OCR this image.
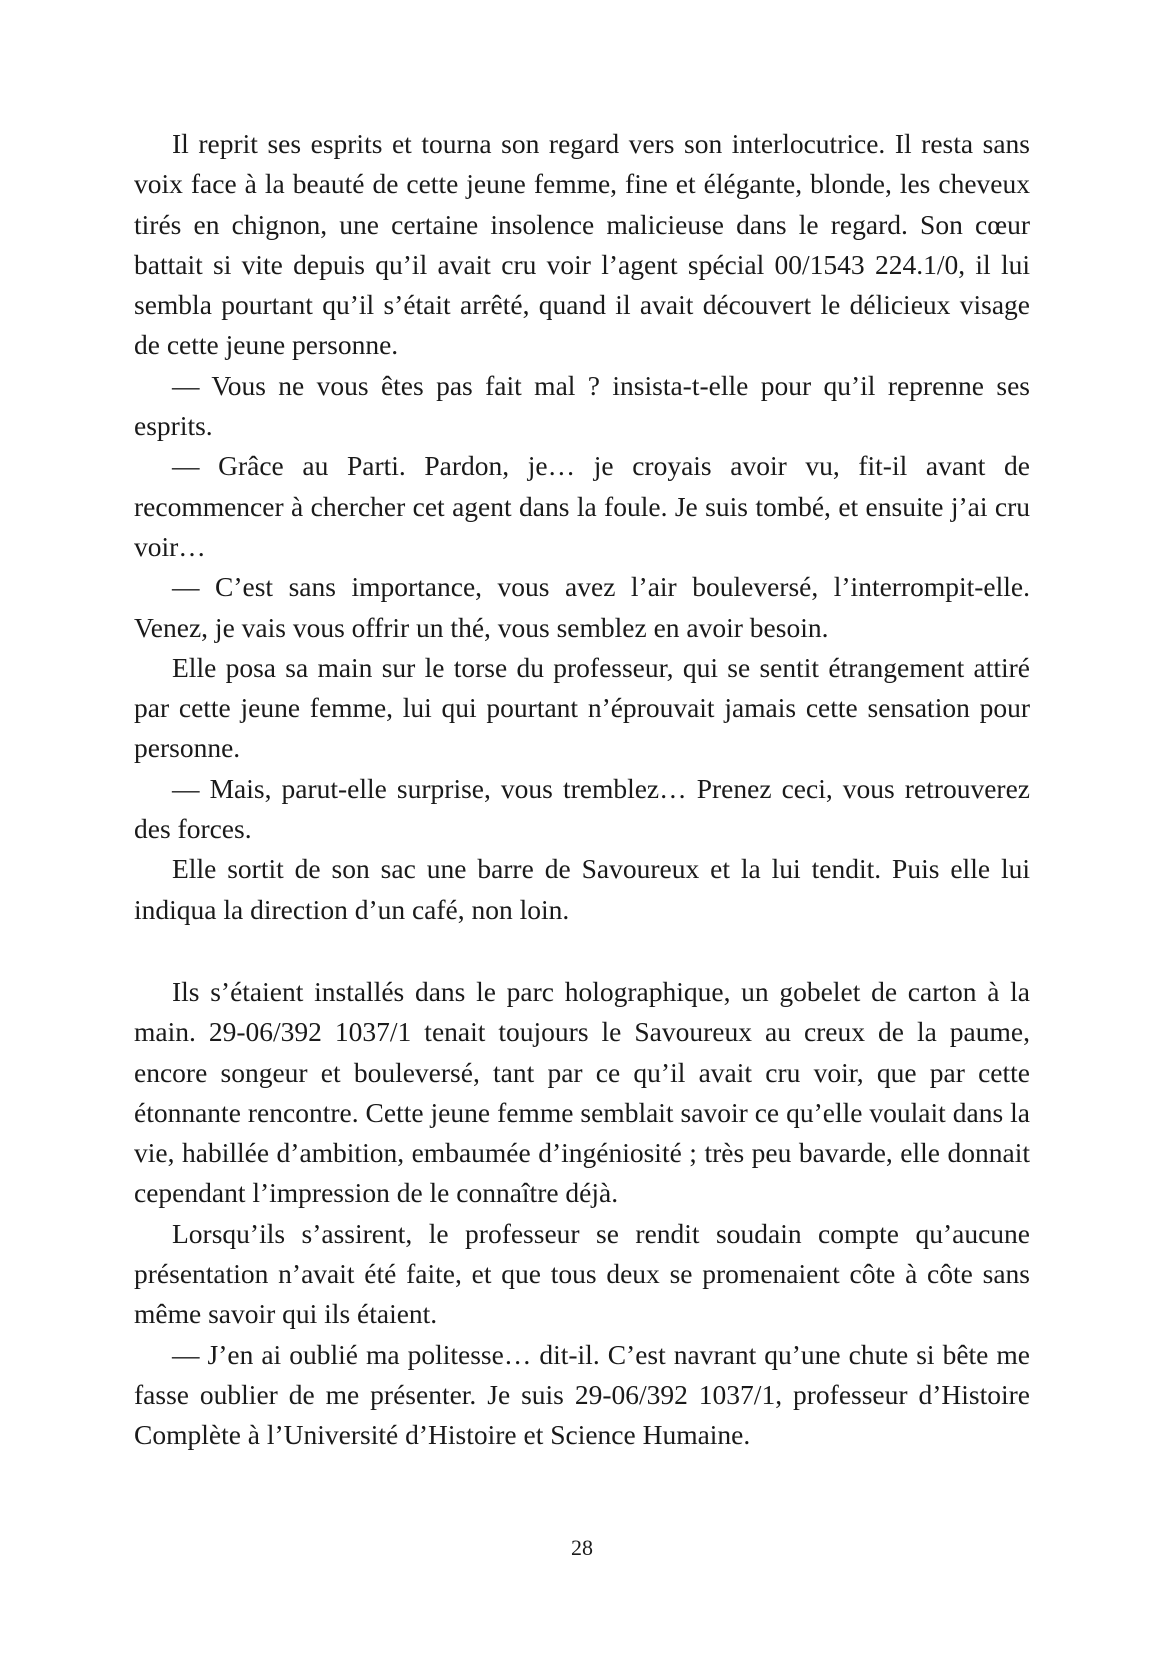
Il reprit ses esprits et tourna son regard vers son interlocutrice. Il resta sans voix face à la beauté de cette jeune femme, fine et élégante, blonde, les cheveux tirés en chignon, une certaine insolence malicieuse dans le regard. Son cœur battait si vite depuis qu’il avait cru voir l’agent spécial 00/1543 224.1/0, il lui sembla pourtant qu’il s’était arrêté, quand il avait découvert le délicieux visage de cette jeune personne.

— Vous ne vous êtes pas fait mal ? insista-t-elle pour qu’il reprenne ses esprits.

— Grâce au Parti. Pardon, je… je croyais avoir vu, fit-il avant de recommencer à chercher cet agent dans la foule. Je suis tombé, et ensuite j’ai cru voir…

— C’est sans importance, vous avez l’air bouleversé, l’interrompit-elle. Venez, je vais vous offrir un thé, vous semblez en avoir besoin.

Elle posa sa main sur le torse du professeur, qui se sentit étrangement attiré par cette jeune femme, lui qui pourtant n’éprouvait jamais cette sensation pour personne.

— Mais, parut-elle surprise, vous tremblez… Prenez ceci, vous retrouverez des forces.

Elle sortit de son sac une barre de Savoureux et la lui tendit. Puis elle lui indiqua la direction d’un café, non loin.

Ils s’étaient installés dans le parc holographique, un gobelet de carton à la main. 29-06/392 1037/1 tenait toujours le Savoureux au creux de la paume, encore songeur et bouleversé, tant par ce qu’il avait cru voir, que par cette étonnante rencontre. Cette jeune femme semblait savoir ce qu’elle voulait dans la vie, habillée d’ambition, embaumée d’ingéniosité ; très peu bavarde, elle donnait cependant l’impression de le connaître déjà.

Lorsqu’ils s’assirent, le professeur se rendit soudain compte qu’aucune présentation n’avait été faite, et que tous deux se promenaient côte à côte sans même savoir qui ils étaient.

— J’en ai oublié ma politesse… dit-il. C’est navrant qu’une chute si bête me fasse oublier de me présenter. Je suis 29-06/392 1037/1, professeur d’Histoire Complète à l’Université d’Histoire et Science Humaine.

28
